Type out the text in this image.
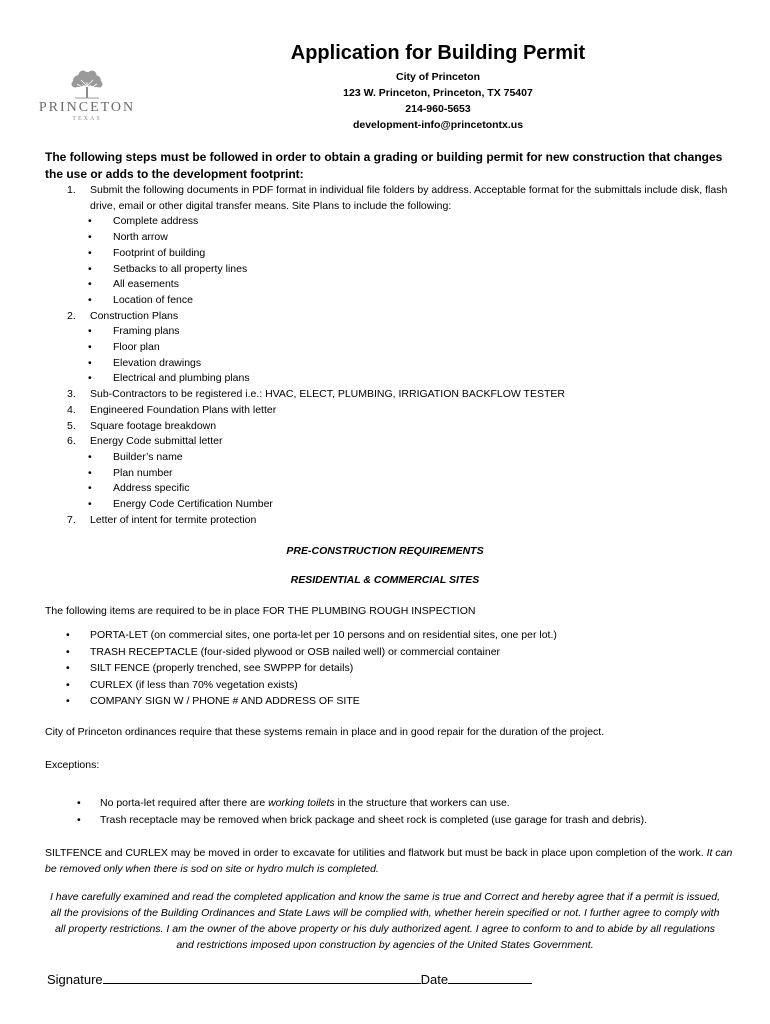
PRINCETON
TEXAS
Application for Building Permit
City of Princeton
123 W. Princeton, Princeton, TX 75407
214-960-5653
development-info@princetontx.us
The following steps must be followed in order to obtain a grading or building permit for new construction that changes the use or adds to the development footprint:
1. Submit the following documents in PDF format in individual file folders by address. Acceptable format for the submittals include disk, flash drive, email or other digital transfer means. Site Plans to include the following:
• Complete address
• North arrow
• Footprint of building
• Setbacks to all property lines
• All easements
• Location of fence
2. Construction Plans
• Framing plans
• Floor plan
• Elevation drawings
• Electrical and plumbing plans
3. Sub-Contractors to be registered i.e.: HVAC, ELECT, PLUMBING, IRRIGATION BACKFLOW TESTER
4. Engineered Foundation Plans with letter
5. Square footage breakdown
6. Energy Code submittal letter
• Builder’s name
• Plan number
• Address specific
• Energy Code Certification Number
7. Letter of intent for termite protection
PRE-CONSTRUCTION REQUIREMENTS
RESIDENTIAL & COMMERCIAL SITES
The following items are required to be in place FOR THE PLUMBING ROUGH INSPECTION
• PORTA-LET (on commercial sites, one porta-let per 10 persons and on residential sites, one per lot.)
• TRASH RECEPTACLE (four-sided plywood or OSB nailed well) or commercial container
• SILT FENCE (properly trenched, see SWPPP for details)
• CURLEX (if less than 70% vegetation exists)
• COMPANY SIGN W / PHONE # AND ADDRESS OF SITE
City of Princeton ordinances require that these systems remain in place and in good repair for the duration of the project.
Exceptions:
• No porta-let required after there are working toilets in the structure that workers can use.
• Trash receptacle may be removed when brick package and sheet rock is completed (use garage for trash and debris).
SILTFENCE and CURLEX may be moved in order to excavate for utilities and flatwork but must be back in place upon completion of the work. It can be removed only when there is sod on site or hydro mulch is completed.
I have carefully examined and read the completed application and know the same is true and Correct and hereby agree that if a permit is issued, all the provisions of the Building Ordinances and State Laws will be complied with, whether herein specified or not. I further agree to comply with all property restrictions. I am the owner of the above property or his duly authorized agent. I agree to conform to and to abide by all regulations and restrictions imposed upon construction by agencies of the United States Government.
Signature	Date
